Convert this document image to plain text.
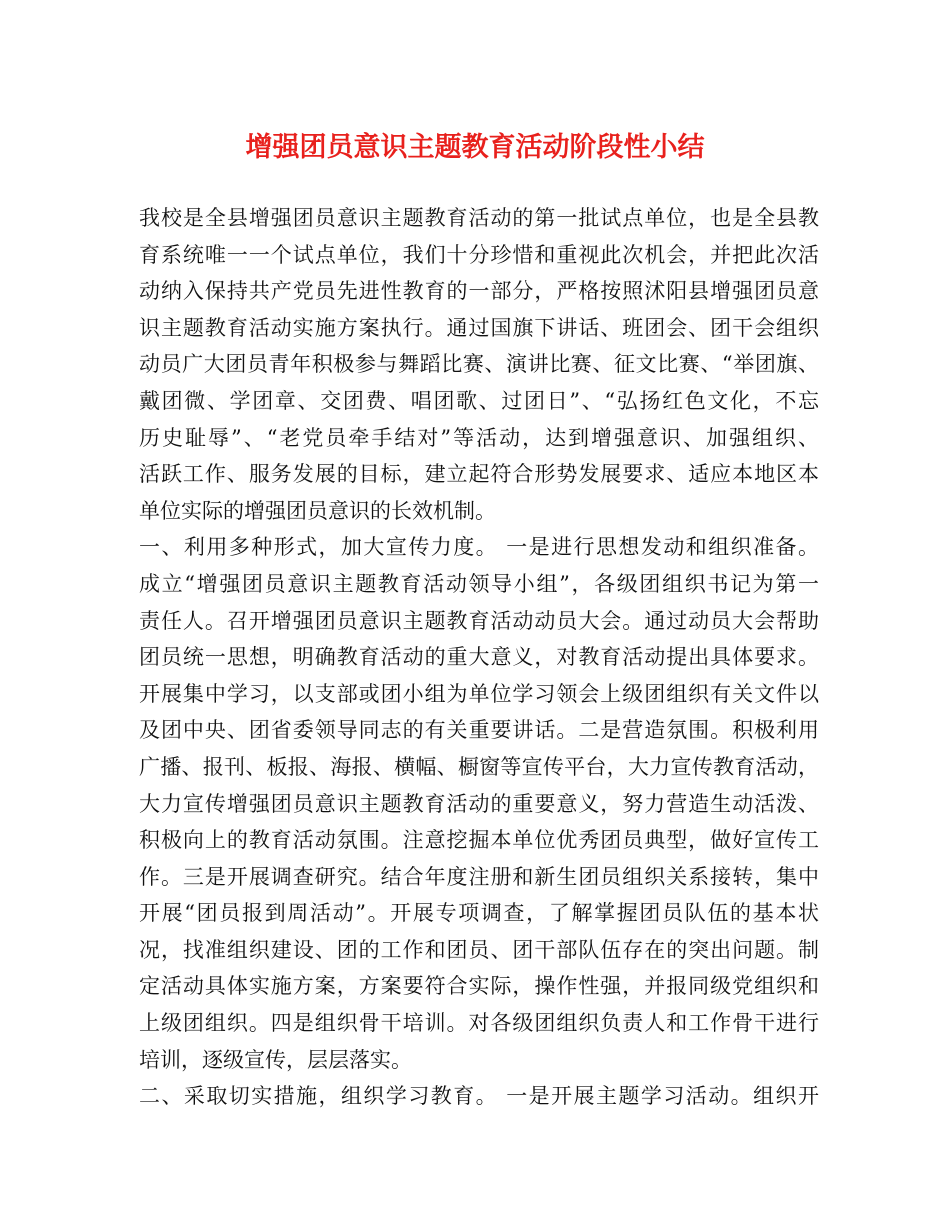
增强团员意识主题教育活动阶段性小结
我校是全县增强团员意识主题教育活动的第一批试点单位，也是全县教
育系统唯一一个试点单位，我们十分珍惜和重视此次机会，并把此次活
动纳入保持共产党员先进性教育的一部分，严格按照沭阳县增强团员意
识主题教育活动实施方案执行。通过国旗下讲话、班团会、团干会组织
动员广大团员青年积极参与舞蹈比赛、演讲比赛、征文比赛、“举团旗、
戴团微、学团章、交团费、唱团歌、过团日”、“弘扬红色文化，不忘
历史耻辱”、“老党员牵手结对”等活动，达到增强意识、加强组织、
活跃工作、服务发展的目标，建立起符合形势发展要求、适应本地区本
单位实际的增强团员意识的长效机制。
一、利用多种形式，加大宣传力度。 一是进行思想发动和组织准备。
成立“增强团员意识主题教育活动领导小组”，各级团组织书记为第一
责任人。召开增强团员意识主题教育活动动员大会。通过动员大会帮助
团员统一思想，明确教育活动的重大意义，对教育活动提出具体要求。
开展集中学习，以支部或团小组为单位学习领会上级团组织有关文件以
及团中央、团省委领导同志的有关重要讲话。二是营造氛围。积极利用
广播、报刊、板报、海报、横幅、橱窗等宣传平台，大力宣传教育活动，
大力宣传增强团员意识主题教育活动的重要意义，努力营造生动活泼、
积极向上的教育活动氛围。注意挖掘本单位优秀团员典型，做好宣传工
作。三是开展调查研究。结合年度注册和新生团员组织关系接转，集中
开展“团员报到周活动”。开展专项调查，了解掌握团员队伍的基本状
况，找准组织建设、团的工作和团员、团干部队伍存在的突出问题。制
定活动具体实施方案，方案要符合实际，操作性强，并报同级党组织和
上级团组织。四是组织骨干培训。对各级团组织负责人和工作骨干进行
培训，逐级宣传，层层落实。
二、采取切实措施，组织学习教育。 一是开展主题学习活动。组织开
